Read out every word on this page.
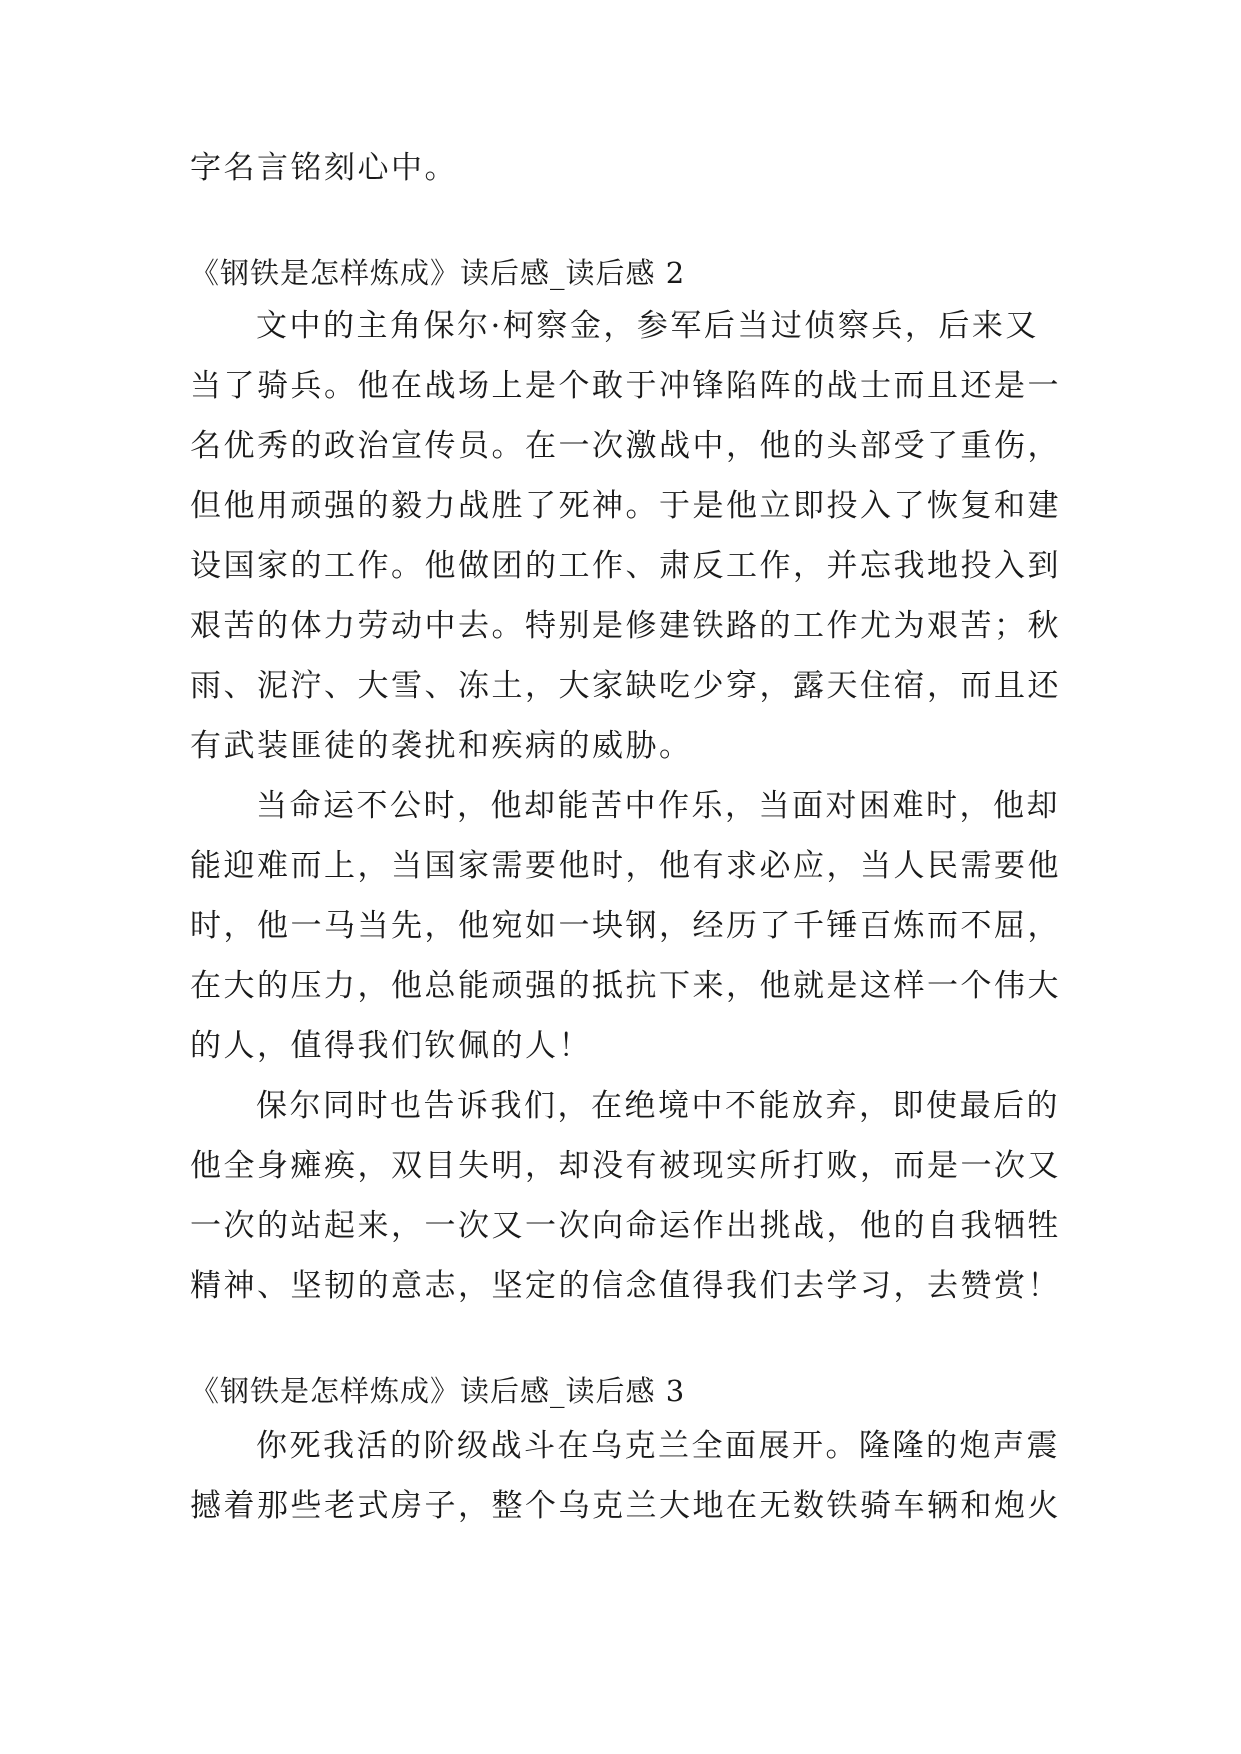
字名言铭刻心中。
《钢铁是怎样炼成》读后感_读后感 2
文中的主角保尔·柯察金，参军后当过侦察兵，后来又
当了骑兵。他在战场上是个敢于冲锋陷阵的战士而且还是一
名优秀的政治宣传员。在一次激战中，他的头部受了重伤，
但他用顽强的毅力战胜了死神。于是他立即投入了恢复和建
设国家的工作。他做团的工作、肃反工作，并忘我地投入到
艰苦的体力劳动中去。特别是修建铁路的工作尤为艰苦；秋
雨、泥泞、大雪、冻土，大家缺吃少穿，露天住宿，而且还
有武装匪徒的袭扰和疾病的威胁。
当命运不公时，他却能苦中作乐，当面对困难时，他却
能迎难而上，当国家需要他时，他有求必应，当人民需要他
时，他一马当先，他宛如一块钢，经历了千锤百炼而不屈，
在大的压力，他总能顽强的抵抗下来，他就是这样一个伟大
的人，值得我们钦佩的人！
保尔同时也告诉我们，在绝境中不能放弃，即使最后的
他全身瘫痪，双目失明，却没有被现实所打败，而是一次又
一次的站起来，一次又一次向命运作出挑战，他的自我牺牲
精神、坚韧的意志，坚定的信念值得我们去学习，去赞赏！
《钢铁是怎样炼成》读后感_读后感 3
你死我活的阶级战斗在乌克兰全面展开。隆隆的炮声震
撼着那些老式房子，整个乌克兰大地在无数铁骑车辆和炮火
